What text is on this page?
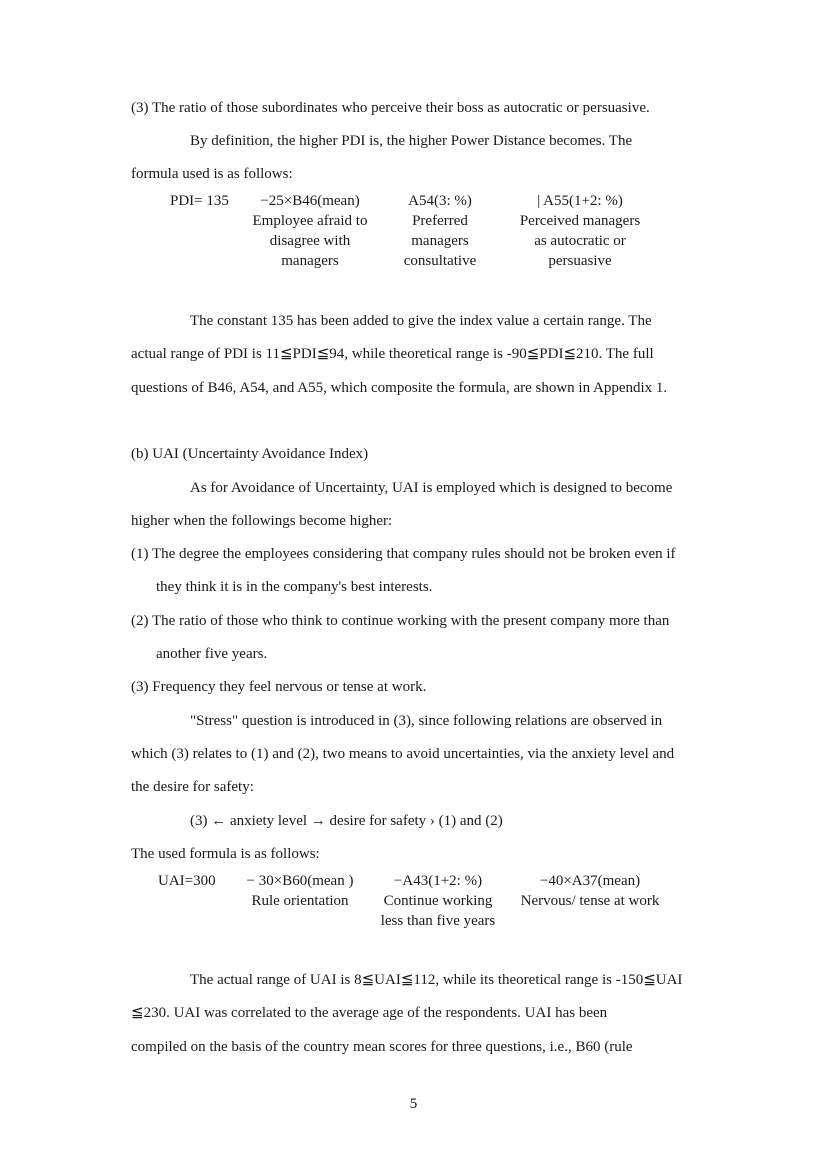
(3) The ratio of those subordinates who perceive their boss as autocratic or persuasive.
By definition, the higher PDI is, the higher Power Distance becomes. The
formula used is as follows:
PDI= 135	−25×B46(mean)
Employee afraid to
disagree with
managers
A54(3: %)
Preferred
managers
consultative
| A55(1+2: %)
Perceived managers
as autocratic or
persuasive
The constant 135 has been added to give the index value a certain range. The
actual range of PDI is 11≦PDI≦94, while theoretical range is -90≦PDI≦210. The full
questions of B46, A54, and A55, which composite the formula, are shown in Appendix 1.
(b) UAI (Uncertainty Avoidance Index)
As for Avoidance of Uncertainty, UAI is employed which is designed to become
higher when the followings become higher:
(1) The degree the employees considering that company rules should not be broken even if
they think it is in the company's best interests.
(2) The ratio of those who think to continue working with the present company more than
another five years.
(3) Frequency they feel nervous or tense at work.
"Stress" question is introduced in (3), since following relations are observed in
which (3) relates to (1) and (2), two means to avoid uncertainties, via the anxiety level and
the desire for safety:
(3) ← anxiety level → desire for safety › (1) and (2)
The used formula is as follows:
UAI=300	− 30×B60(mean )
Rule orientation
−A43(1+2: %)
Continue working
less than five years
−40×A37(mean)
Nervous/ tense at work
The actual range of UAI is 8≦UAI≦112, while its theoretical range is -150≦UAI
≦230. UAI was correlated to the average age of the respondents. UAI has been
compiled on the basis of the country mean scores for three questions, i.e., B60 (rule
5
